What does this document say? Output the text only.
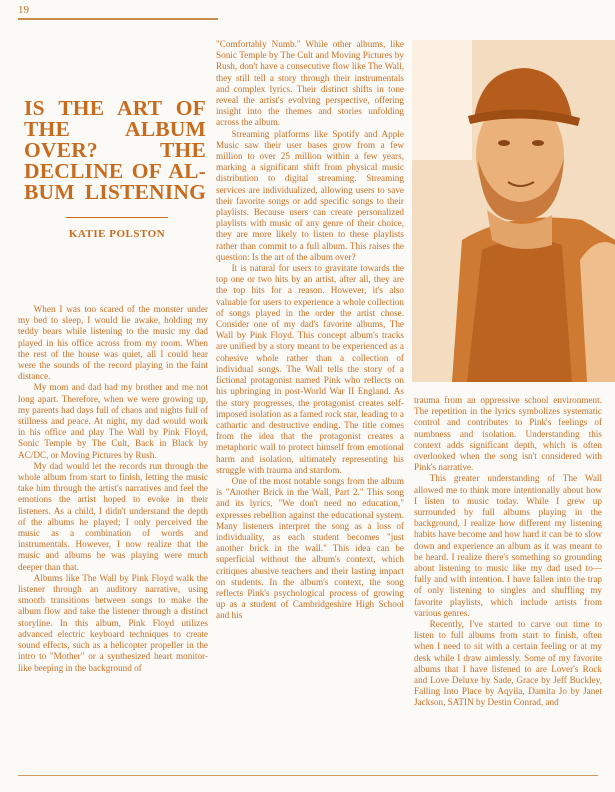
19
IS THE ART OF THE ALBUM OVER? THE DECLINE OF AL- BUM LISTENING
KATIE POLSTON

When I was too scared of the monster under my bed to sleep, I would lie awake, holding my teddy bears while listening to the music my dad played in his office across from my room. When the rest of the house was quiet, all I could hear were the sounds of the record playing in the faint distance.

My mom and dad had my brother and me not long apart. Therefore, when we were growing up, my parents had days full of chaos and nights full of stillness and peace. At night, my dad would work in his office and play The Wall by Pink Floyd, Sonic Temple by The Cult, Back in Black by AC/DC, or Moving Pictures by Rush.

My dad would let the records run through the whole album from start to finish, letting the music take him through the artist's narratives and feel the emotions the artist hoped to evoke in their listeners. As a child, I didn't understand the depth of the albums he played; I only perceived the music as a combination of words and instrumentals. However, I now realize that the music and albums he was playing were much deeper than that.

Albums like The Wall by Pink Floyd walk the listener through an auditory narrative, using smooth transitions between songs to make the album flow and take the listener through a distinct storyline. In this album, Pink Floyd utilizes advanced electric keyboard techniques to create sound effects, such as a helicopter propeller in the intro to "Mother" or a synthesized heart monitor-like beeping in the background of

"Comfortably Numb." While other albums, like Sonic Temple by The Cult and Moving Pictures by Rush, don't have a consecutive flow like The Wall, they still tell a story through their instrumentals and complex lyrics. Their distinct shifts in tone reveal the artist's evolving perspective, offering insight into the themes and stories unfolding across the album.

Streaming platforms like Spotify and Apple Music saw their user bases grow from a few million to over 25 million within a few years, marking a significant shift from physical music distribution to digital streaming. Streaming services are individualized, allowing users to save their favorite songs or add specific songs to their playlists. Because users can create personalized playlists with music of any genre of their choice, they are more likely to listen to these playlists rather than commit to a full album. This raises the question: Is the art of the album over?

It is natural for users to gravitate towards the top one or two hits by an artist, after all, they are the top hits for a reason. However, it's also valuable for users to experience a whole collection of songs played in the order the artist chose. Consider one of my dad's favorite albums, The Wall by Pink Floyd. This concept album's tracks are unified by a story meant to be experienced as a cohesive whole rather than a collection of individual songs. The Wall tells the story of a fictional protagonist named Pink who reflects on his upbringing in post-World War II England. As the story progresses, the protagonist creates self-imposed isolation as a famed rock star, leading to a cathartic and destructive ending. The title comes from the idea that the protagonist creates a metaphoric wall to protect himself from emotional harm and isolation, ultimately representing his struggle with trauma and stardom.

One of the most notable songs from the album is "Another Brick in the Wall, Part 2." This song and its lyrics, "We don't need no education," expresses rebellion against the educational system. Many listeners interpret the song as a loss of individuality, as each student becomes "just another brick in the wall." This idea can be superficial without the album's context, which critiques abusive teachers and their lasting impact on students. In the album's context, the song reflects Pink's psychological process of growing up as a student of Cambridgeshire High School and his

trauma from an oppressive school environment. The repetition in the lyrics symbolizes systematic control and contributes to Pink's feelings of numbness and isolation. Understanding this context adds significant depth, which is often overlooked when the song isn't considered with Pink's narrative.

This greater understanding of The Wall allowed me to think more intentionally about how I listen to music today. While I grew up surrounded by full albums playing in the background, I realize how different my listening habits have become and how hard it can be to slow down and experience an album as it was meant to be heard. I realize there's something so grounding about listening to music like my dad used to—fully and with intention. I have fallen into the trap of only listening to singles and shuffling my favorite playlists, which include artists from various genres.

Recently, I've started to carve out time to listen to full albums from start to finish, often when I need to sit with a certain feeling or at my desk while I draw aimlessly. Some of my favorite albums that I have listened to are Lover's Rock and Love Deluxe by Sade, Grace by Jeff Buckley, Falling Into Place by Aqyila, Damita Jo by Janet Jackson, SATIN by Destin Conrad, and
